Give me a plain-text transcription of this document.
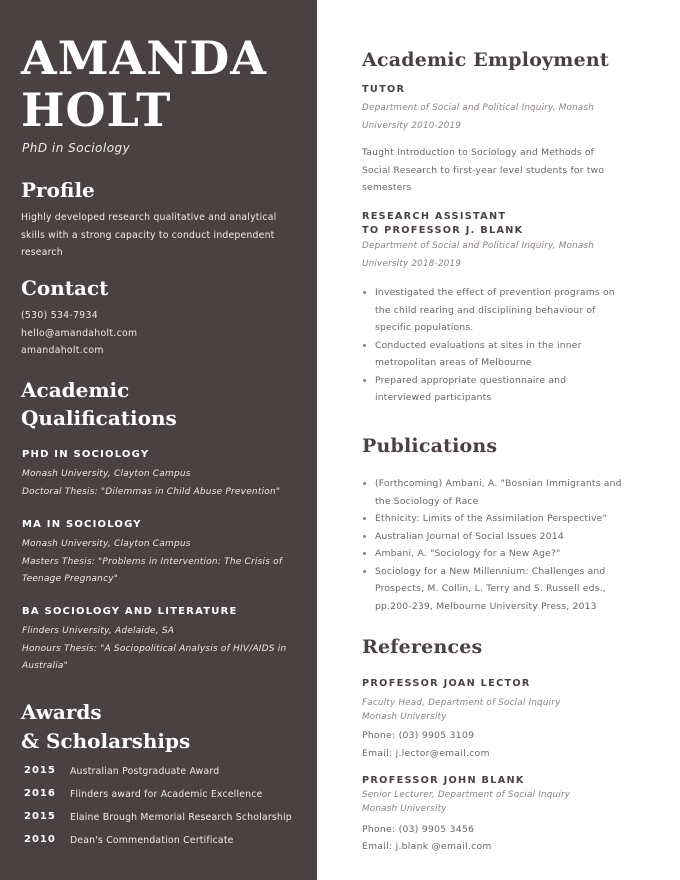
AMANDA
HOLT
PhD in Sociology
Profile
Highly developed research qualitative and analytical
skills with a strong capacity to conduct independent
research
Contact
(530) 534-7934
hello@amandaholt.com
amandaholt.com
Academic
Qualifications
PHD IN SOCIOLOGY
Monash University, Clayton Campus
Doctoral Thesis: "Dilemmas in Child Abuse Prevention"
MA IN SOCIOLOGY
Monash University, Clayton Campus
Masters Thesis: "Problems in Intervention: The Crisis of
Teenage Pregnancy"
BA SOCIOLOGY AND LITERATURE
Flinders University, Adelaide, SA
Honours Thesis: "A Sociopolitical Analysis of HIV/AIDS in
Australia"
Awards
& Scholarships
2015 Australian Postgraduate Award
2016 Flinders award for Academic Excellence
2015 Elaine Brough Memorial Research Scholarship
2010 Dean's Commendation Certificate
Academic Employment
TUTOR
Department of Social and Political Inquiry, Monash
University 2010-2019
Taught Introduction to Sociology and Methods of
Social Research to first-year level students for two
semesters
RESEARCH ASSISTANT
TO PROFESSOR J. BLANK
Department of Social and Political Inquiry, Monash
University 2018-2019
Investigated the effect of prevention programs on the child rearing and disciplining behaviour of specific populations.
Conducted evaluations at sites in the inner metropolitan areas of Melbourne
Prepared appropriate questionnaire and interviewed participants
Publications
(Forthcoming) Ambani, A. "Bosnian Immigrants and the Sociology of Race
Ethnicity: Limits of the Assimilation Perspective"
Australian Journal of Social Issues 2014
Ambani, A. "Sociology for a New Age?"
Sociology for a New Millennium: Challenges and Prospects, M. Collin, L. Terry and S. Russell eds., pp.200-239, Melbourne University Press, 2013
References
PROFESSOR JOAN LECTOR
Faculty Head, Department of Social Inquiry
Monash University
Phone: (03) 9905 3109
Email: j.lector@email.com
PROFESSOR JOHN BLANK
Senior Lecturer, Department of Social Inquiry
Monash University
Phone: (03) 9905 3456
Email: j.blank @email.com
